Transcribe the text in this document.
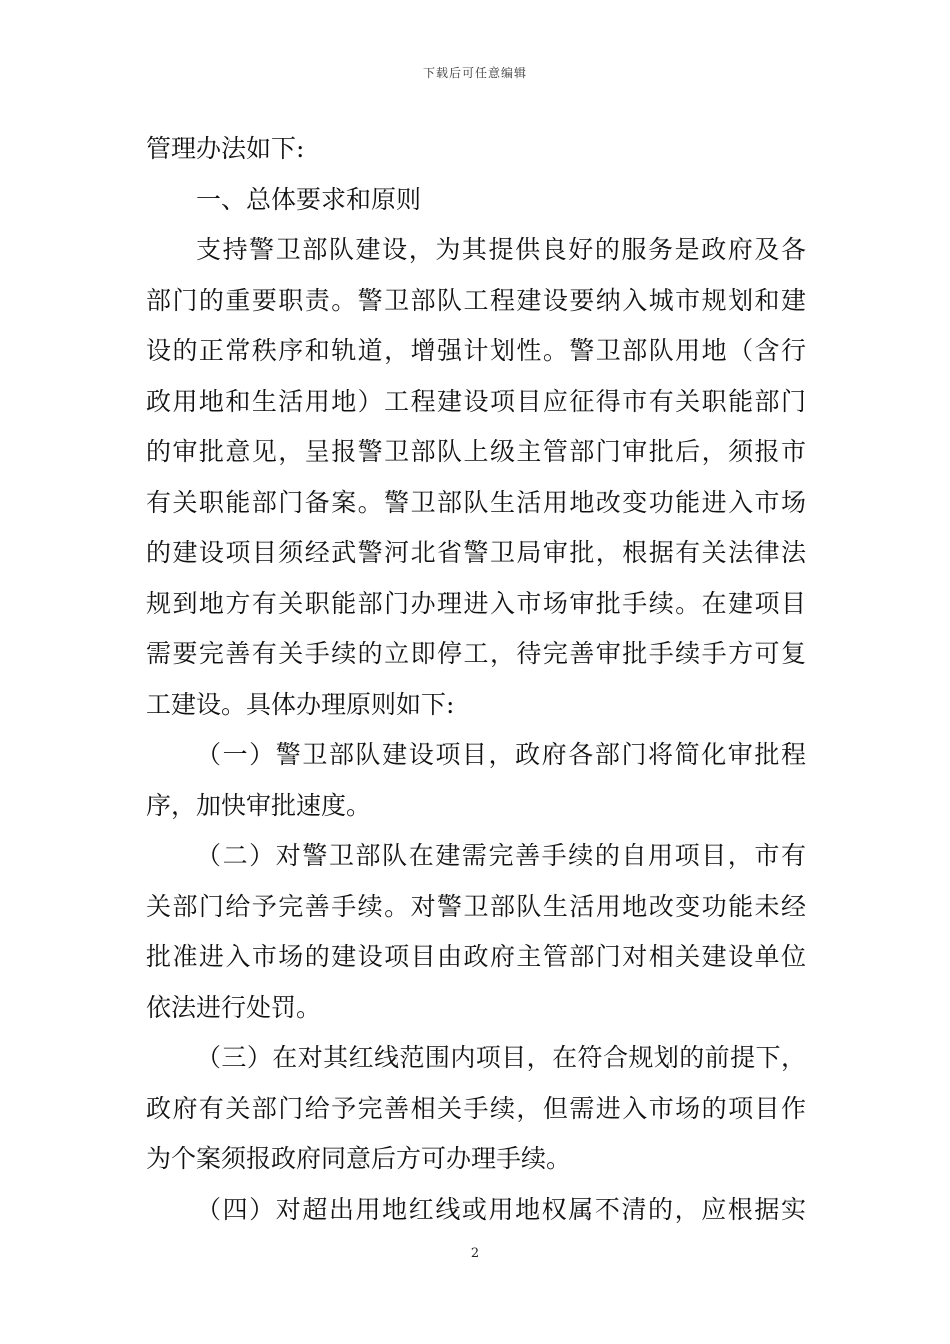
下载后可任意编辑
管理办法如下:
一、总体要求和原则
支持警卫部队建设，为其提供良好的服务是政府及各
部门的重要职责。警卫部队工程建设要纳入城市规划和建
设的正常秩序和轨道，增强计划性。警卫部队用地（含行
政用地和生活用地）工程建设项目应征得市有关职能部门
的审批意见，呈报警卫部队上级主管部门审批后，须报市
有关职能部门备案。警卫部队生活用地改变功能进入市场
的建设项目须经武警河北省警卫局审批，根据有关法律法
规到地方有关职能部门办理进入市场审批手续。在建项目
需要完善有关手续的立即停工，待完善审批手续手方可复
工建设。具体办理原则如下:
（一）警卫部队建设项目，政府各部门将简化审批程
序，加快审批速度。
（二）对警卫部队在建需完善手续的自用项目，市有
关部门给予完善手续。对警卫部队生活用地改变功能未经
批准进入市场的建设项目由政府主管部门对相关建设单位
依法进行处罚。
（三）在对其红线范围内项目，在符合规划的前提下，
政府有关部门给予完善相关手续，但需进入市场的项目作
为个案须报政府同意后方可办理手续。
（四）对超出用地红线或用地权属不清的，应根据实
2
